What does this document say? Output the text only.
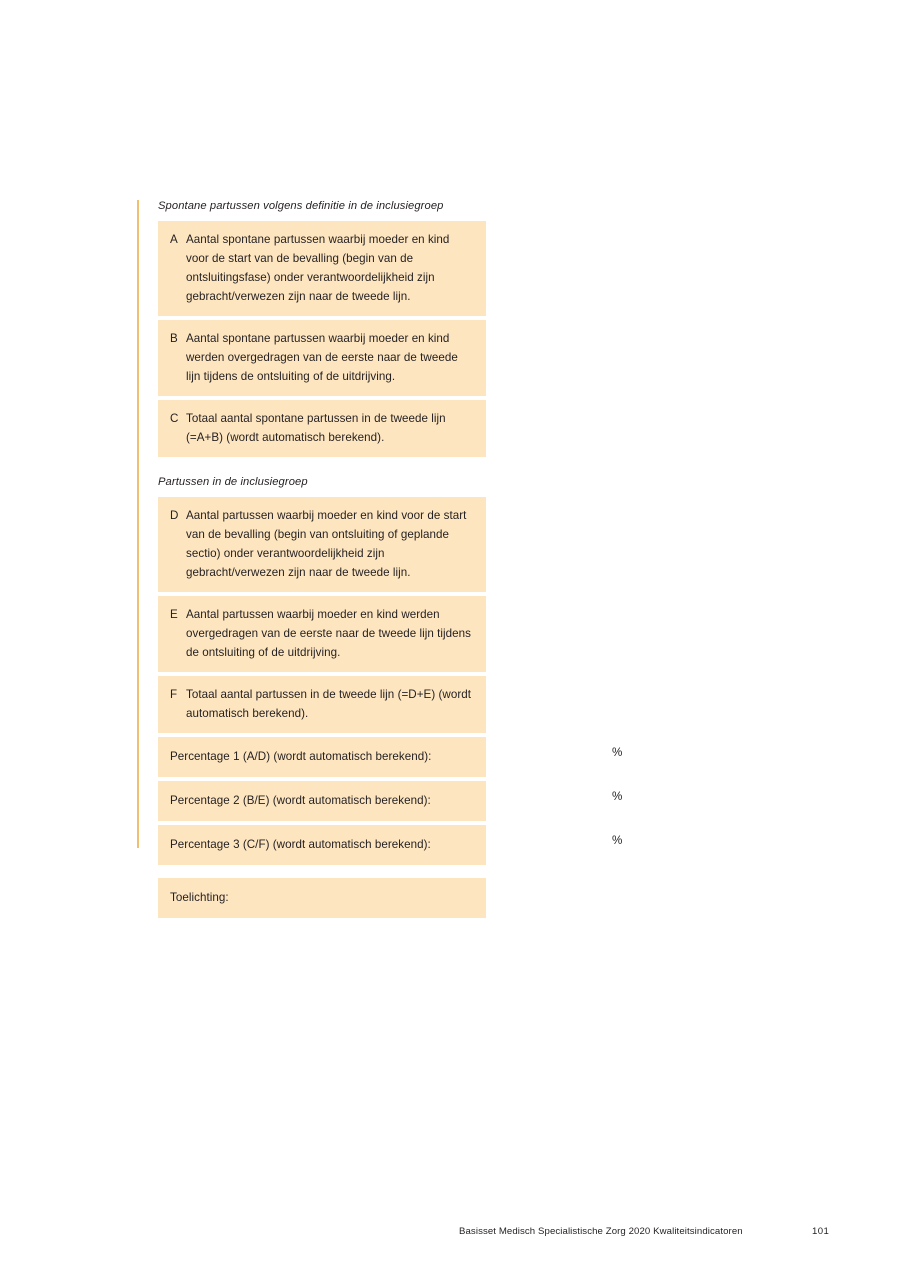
Spontane partussen volgens definitie in de inclusiegroep
A Aantal spontane partussen waarbij moeder en kind voor de start van de bevalling (begin van de ontsluitingsfase) onder verantwoordelijkheid zijn gebracht/verwezen zijn naar de tweede lijn.
B Aantal spontane partussen waarbij moeder en kind werden overgedragen van de eerste naar de tweede lijn tijdens de ontsluiting of de uitdrijving.
C Totaal aantal spontane partussen in de tweede lijn (=A+B) (wordt automatisch berekend).
Partussen in de inclusiegroep
D Aantal partussen waarbij moeder en kind voor de start van de bevalling (begin van ontsluiting of geplande sectio) onder verantwoordelijkheid zijn gebracht/verwezen zijn naar de tweede lijn.
E Aantal partussen waarbij moeder en kind werden overgedragen van de eerste naar de tweede lijn tijdens de ontsluiting of de uitdrijving.
F Totaal aantal partussen in de tweede lijn (=D+E) (wordt automatisch berekend).
Percentage 1 (A/D) (wordt automatisch berekend):	%
Percentage 2 (B/E) (wordt automatisch berekend):	%
Percentage 3 (C/F) (wordt automatisch berekend):	%
Toelichting:
Basisset Medisch Specialistische Zorg 2020 Kwaliteitsindicatoren	101
